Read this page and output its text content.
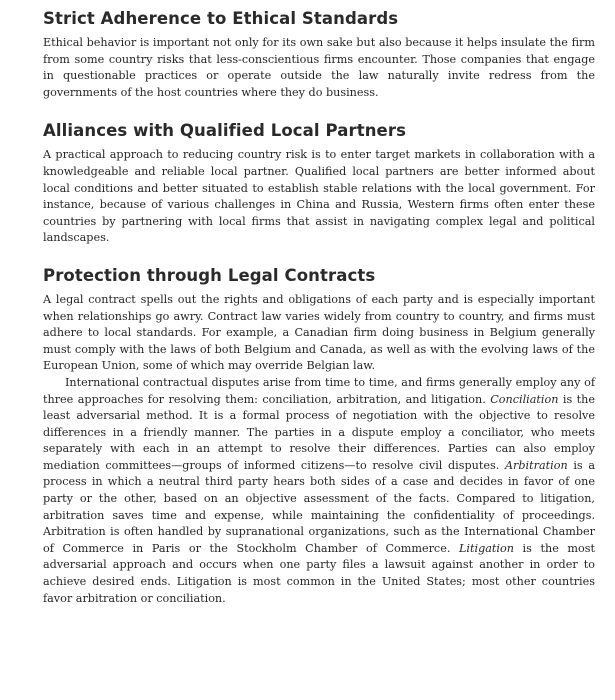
Strict Adherence to Ethical Standards

Ethical behavior is important not only for its own sake but also because it helps insulate the firm from some country risks that less-conscientious firms encounter. Those companies that engage in questionable practices or operate outside the law naturally invite redress from the governments of the host countries where they do business.

Alliances with Qualified Local Partners

A practical approach to reducing country risk is to enter target markets in collaboration with a knowledgeable and reliable local partner. Qualified local partners are better informed about local conditions and better situated to establish stable relations with the local government. For instance, because of various challenges in China and Russia, Western firms often enter these countries by partnering with local firms that assist in navigating complex legal and political landscapes.

Protection through Legal Contracts

A legal contract spells out the rights and obligations of each party and is especially important when relationships go awry. Contract law varies widely from country to country, and firms must adhere to local standards. For example, a Canadian firm doing business in Belgium generally must comply with the laws of both Belgium and Canada, as well as with the evolving laws of the European Union, some of which may override Belgian law.

International contractual disputes arise from time to time, and firms generally employ any of three approaches for resolving them: conciliation, arbitration, and litigation. Conciliation is the least adversarial method. It is a formal process of negotiation with the objective to resolve differences in a friendly manner. The parties in a dispute employ a conciliator, who meets separately with each in an attempt to resolve their differences. Parties can also employ mediation committees—groups of informed citizens—to resolve civil disputes. Arbitration is a process in which a neutral third party hears both sides of a case and decides in favor of one party or the other, based on an objective assessment of the facts. Compared to litigation, arbitration saves time and expense, while maintaining the confidentiality of proceedings. Arbitration is often handled by supranational organizations, such as the International Chamber of Commerce in Paris or the Stockholm Chamber of Commerce. Litigation is the most adversarial approach and occurs when one party files a lawsuit against another in order to achieve desired ends. Litigation is most common in the United States; most other countries favor arbitration or conciliation.
